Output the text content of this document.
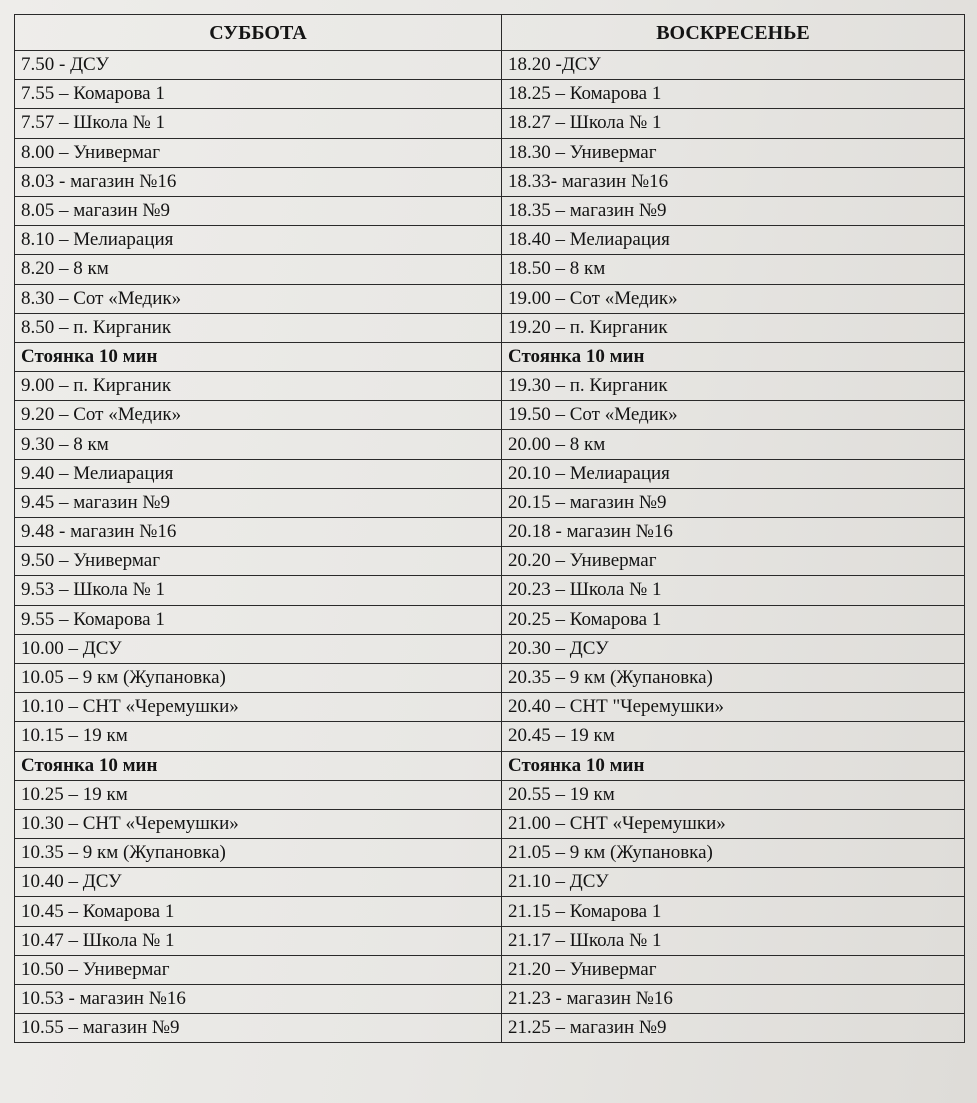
СУББОТА	ВОСКРЕСЕНЬЕ
7.50 - ДСУ	18.20 -ДСУ
7.55 – Комарова 1	18.25 – Комарова 1
7.57 – Школа № 1	18.27 – Школа № 1
8.00 – Универмаг	18.30 – Универмаг
8.03 - магазин №16	18.33- магазин №16
8.05 – магазин №9	18.35 – магазин №9
8.10 – Мелиарация	18.40 – Мелиарация
8.20 – 8 км	18.50 – 8 км
8.30 – Сот «Медик»	19.00 – Сот «Медик»
8.50 – п. Кирганик	19.20 – п. Кирганик
Стоянка 10 мин	Стоянка 10 мин
9.00 – п. Кирганик	19.30 – п. Кирганик
9.20 – Сот «Медик»	19.50 – Сот «Медик»
9.30 – 8 км	20.00 – 8 км
9.40 – Мелиарация	20.10 – Мелиарация
9.45 – магазин №9	20.15 – магазин №9
9.48 - магазин №16	20.18 - магазин №16
9.50 – Универмаг	20.20 – Универмаг
9.53 – Школа № 1	20.23 – Школа № 1
9.55 – Комарова 1	20.25 – Комарова 1
10.00 – ДСУ	20.30 – ДСУ
10.05 – 9 км (Жупановка)	20.35 – 9 км (Жупановка)
10.10 – СНТ «Черемушки»	20.40 – СНТ "Черемушки»
10.15 – 19 км	20.45 – 19 км
Стоянка 10 мин	Стоянка 10 мин
10.25 – 19 км	20.55 – 19 км
10.30 – СНТ «Черемушки»	21.00 – СНТ «Черемушки»
10.35 – 9 км (Жупановка)	21.05 – 9 км (Жупановка)
10.40 – ДСУ	21.10 – ДСУ
10.45 – Комарова 1	21.15 – Комарова 1
10.47 – Школа № 1	21.17 – Школа № 1
10.50 – Универмаг	21.20 – Универмаг
10.53 - магазин №16	21.23 - магазин №16
10.55 – магазин №9	21.25 – магазин №9
